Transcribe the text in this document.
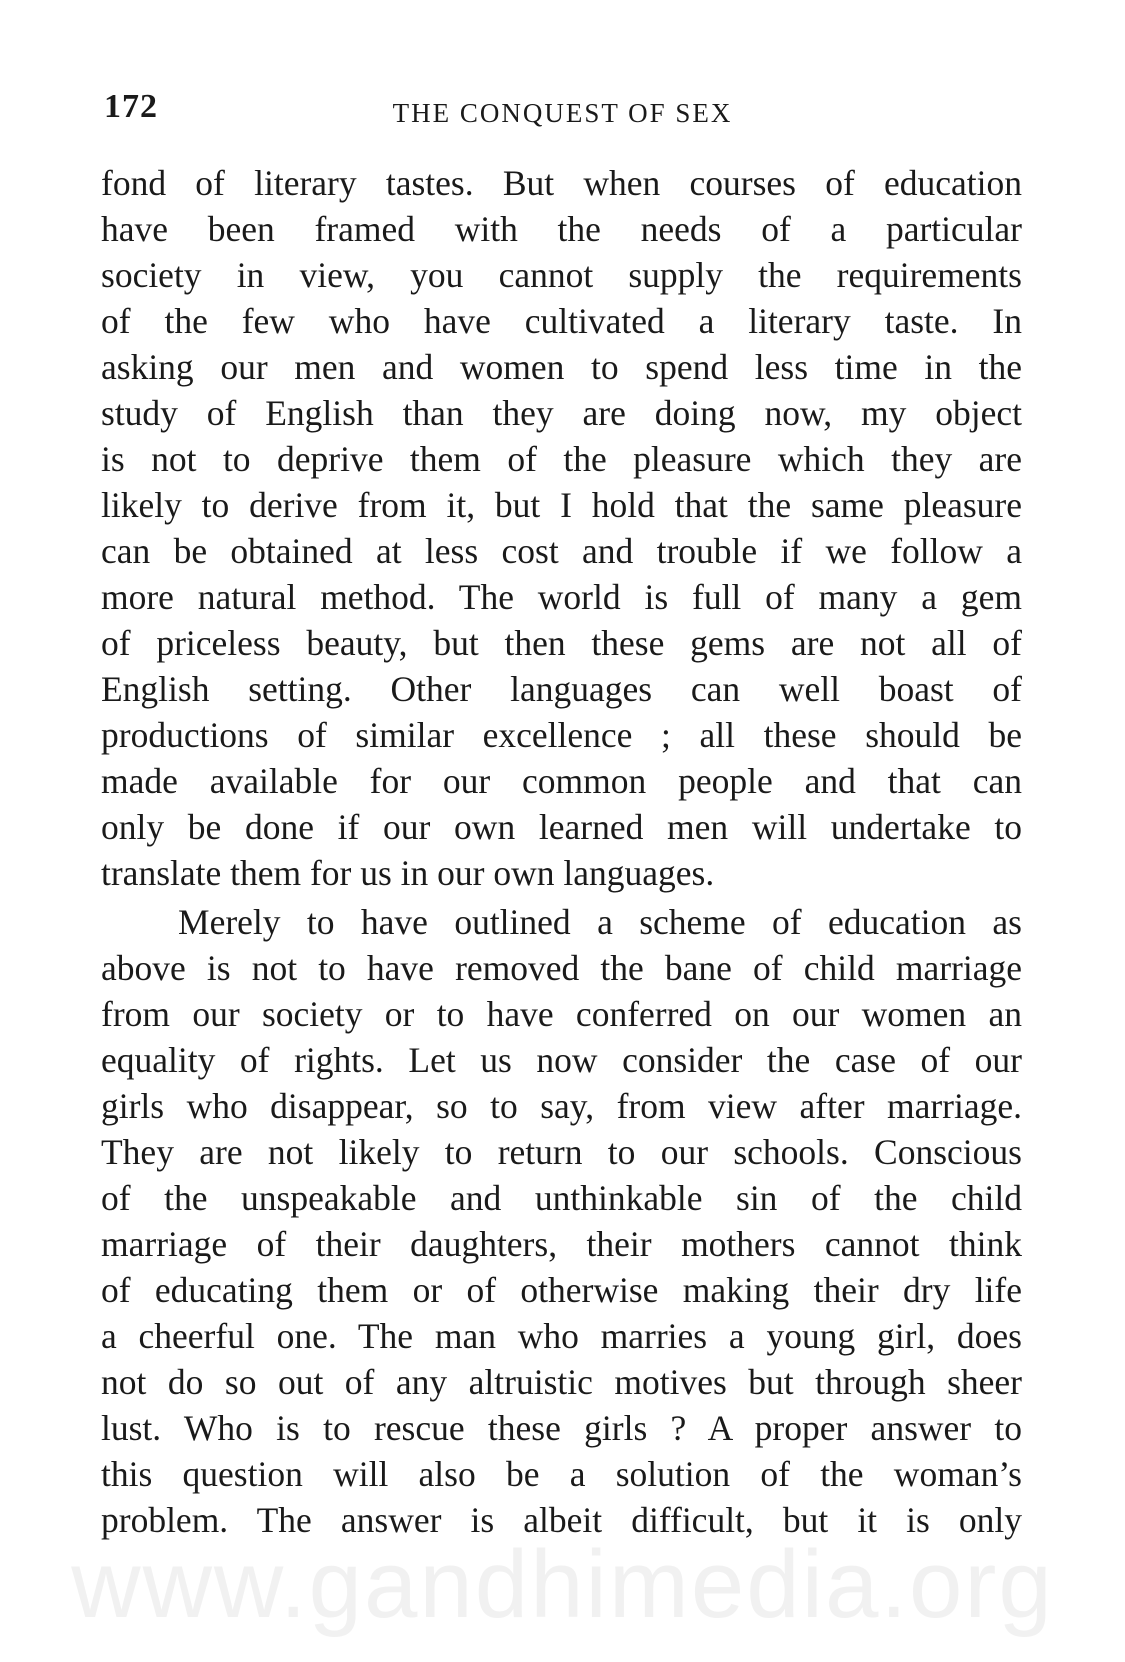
172	THE CONQUEST OF SEX
fond of literary tastes. But when courses of education
have been framed with the needs of a particular
society in view, you cannot supply the requirements
of the few who have cultivated a literary taste. In
asking our men and women to spend less time in the
study of English than they are doing now, my object
is not to deprive them of the pleasure which they are
likely to derive from it, but I hold that the same pleasure
can be obtained at less cost and trouble if we follow a
more natural method. The world is full of many a gem
of priceless beauty, but then these gems are not all of
English setting. Other languages can well boast of
productions of similar excellence ; all these should be
made available for our common people and that can
only be done if our own learned men will undertake to
translate them for us in our own languages.
Merely to have outlined a scheme of education as
above is not to have removed the bane of child marriage
from our society or to have conferred on our women an
equality of rights. Let us now consider the case of our
girls who disappear, so to say, from view after marriage.
They are not likely to return to our schools. Conscious
of the unspeakable and unthinkable sin of the child
marriage of their daughters, their mothers cannot think
of educating them or of otherwise making their dry life
a cheerful one. The man who marries a young girl, does
not do so out of any altruistic motives but through sheer
lust. Who is to rescue these girls ? A proper answer to
this question will also be a solution of the woman’s
problem. The answer is albeit difficult, but it is only
www.gandhimedia.org
